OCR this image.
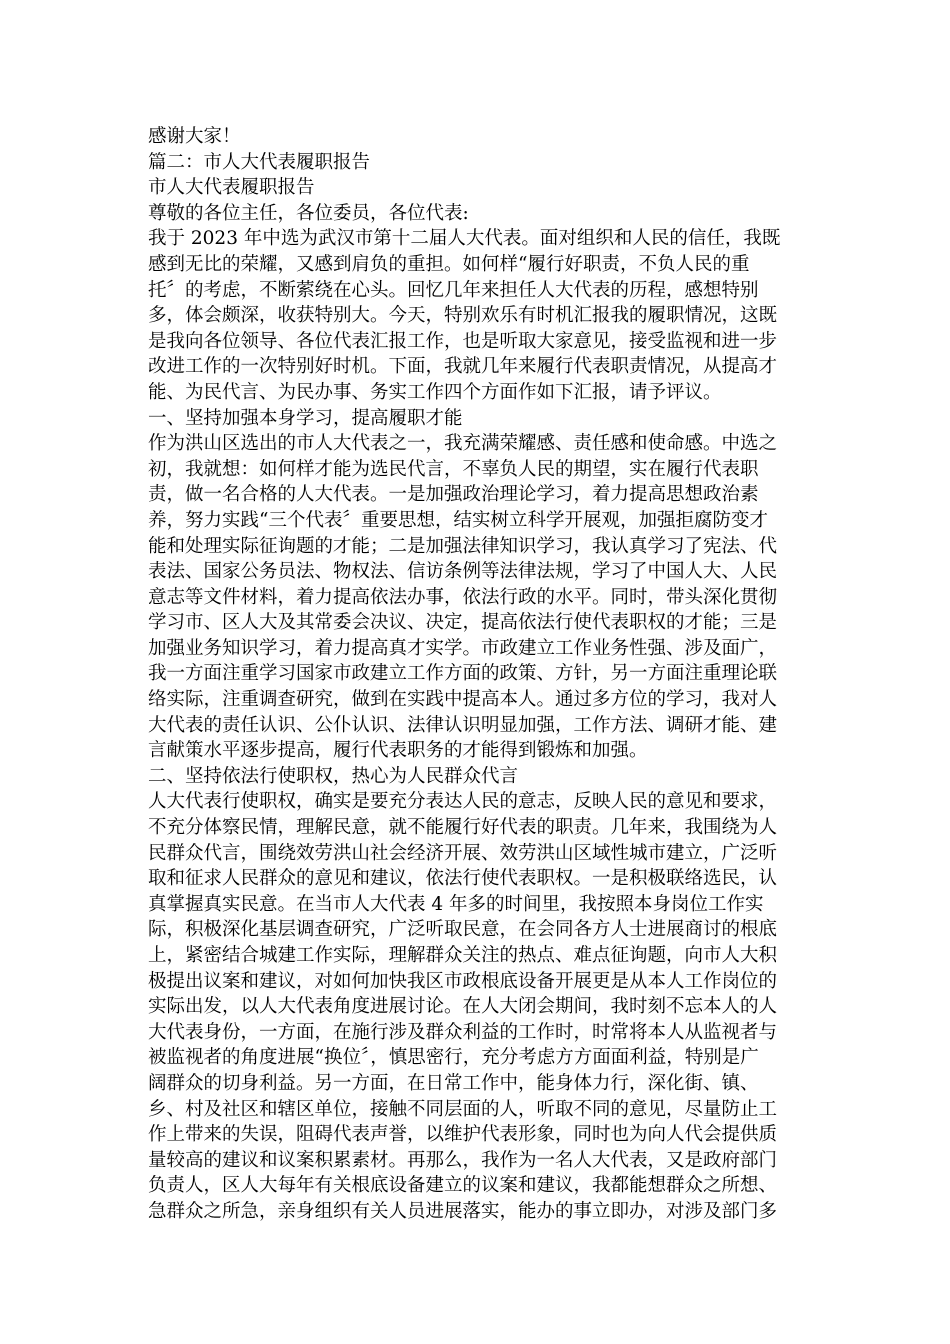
感谢大家！
篇二：市人大代表履职报告
市人大代表履职报告
尊敬的各位主任，各位委员，各位代表:
我于 2023 年中选为武汉市第十二届人大代表。面对组织和人民的信任，我既
感到无比的荣耀，又感到肩负的重担。如何样“履行好职责，不负人民的重
托〞的考虑，不断萦绕在心头。回忆几年来担任人大代表的历程，感想特别
多，体会颇深，收获特别大。今天，特别欢乐有时机汇报我的履职情况，这既
是我向各位领导、各位代表汇报工作，也是听取大家意见，接受监视和进一步
改进工作的一次特别好时机。下面，我就几年来履行代表职责情况，从提高才
能、为民代言、为民办事、务实工作四个方面作如下汇报，请予评议。
一、坚持加强本身学习，提高履职才能
作为洪山区选出的市人大代表之一，我充满荣耀感、责任感和使命感。中选之
初，我就想：如何样才能为选民代言，不辜负人民的期望，实在履行代表职
责，做一名合格的人大代表。一是加强政治理论学习，着力提高思想政治素
养，努力实践“三个代表〞重要思想，结实树立科学开展观，加强拒腐防变才
能和处理实际征询题的才能；二是加强法律知识学习，我认真学习了宪法、代
表法、国家公务员法、物权法、信访条例等法律法规，学习了中国人大、人民
意志等文件材料，着力提高依法办事，依法行政的水平。同时，带头深化贯彻
学习市、区人大及其常委会决议、决定，提高依法行使代表职权的才能；三是
加强业务知识学习，着力提高真才实学。市政建立工作业务性强、涉及面广，
我一方面注重学习国家市政建立工作方面的政策、方针，另一方面注重理论联
络实际，注重调查研究，做到在实践中提高本人。通过多方位的学习，我对人
大代表的责任认识、公仆认识、法律认识明显加强，工作方法、调研才能、建
言献策水平逐步提高，履行代表职务的才能得到锻炼和加强。
二、坚持依法行使职权，热心为人民群众代言
人大代表行使职权，确实是要充分表达人民的意志，反映人民的意见和要求，
不充分体察民情，理解民意，就不能履行好代表的职责。几年来，我围绕为人
民群众代言，围绕效劳洪山社会经济开展、效劳洪山区域性城市建立，广泛听
取和征求人民群众的意见和建议，依法行使代表职权。一是积极联络选民，认
真掌握真实民意。在当市人大代表 4 年多的时间里，我按照本身岗位工作实
际，积极深化基层调查研究，广泛听取民意，在会同各方人士进展商讨的根底
上，紧密结合城建工作实际，理解群众关注的热点、难点征询题，向市人大积
极提出议案和建议，对如何加快我区市政根底设备开展更是从本人工作岗位的
实际出发，以人大代表角度进展讨论。在人大闭会期间，我时刻不忘本人的人
大代表身份，一方面，在施行涉及群众利益的工作时，时常将本人从监视者与
被监视者的角度进展“换位〞，慎思密行，充分考虑方方面面利益，特别是广
阔群众的切身利益。另一方面，在日常工作中，能身体力行，深化街、镇、
乡、村及社区和辖区单位，接触不同层面的人，听取不同的意见，尽量防止工
作上带来的失误，阻碍代表声誉，以维护代表形象，同时也为向人代会提供质
量较高的建议和议案积累素材。再那么，我作为一名人大代表，又是政府部门
负责人，区人大每年有关根底设备建立的议案和建议，我都能想群众之所想、
急群众之所急，亲身组织有关人员进展落实，能办的事立即办，对涉及部门多
